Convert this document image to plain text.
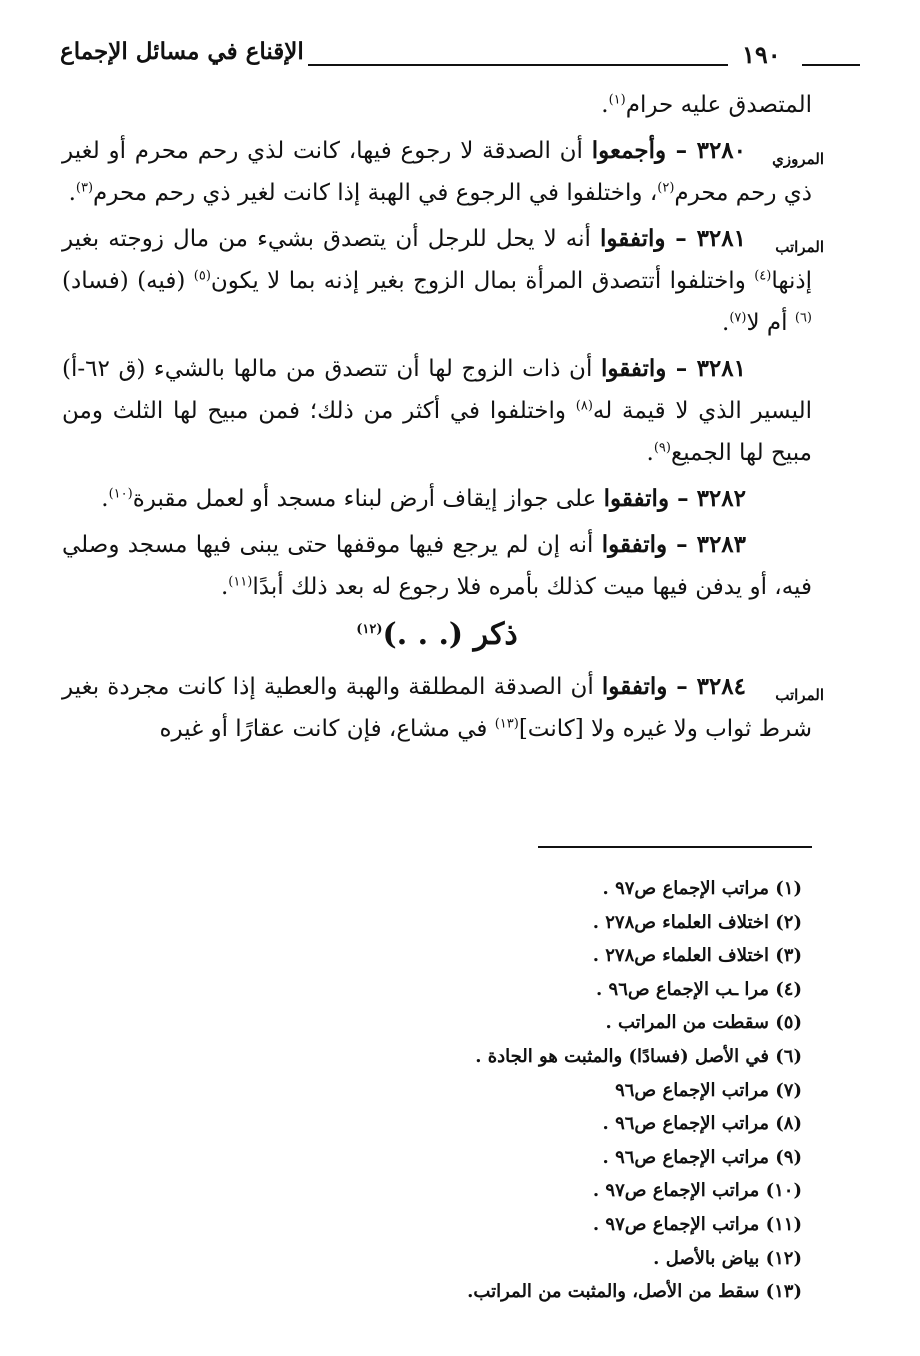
الإقناع في مسائل الإجماع	١٩٠

المتصدق عليه حرام$^{(١)}$.

المروزي
٣٢٨٠ – وأجمعوا أن الصدقة لا رجوع فيها، كانت لذي رحم محرم أو لغير ذي رحم محرم$^{(٢)}$، واختلفوا في الرجوع في الهبة إذا كانت لغير ذي رحم محرم$^{(٣)}$.

المراتب
٣٢٨١ – واتفقوا أنه لا يحل للرجل أن يتصدق بشيء من مال زوجته بغير إذنها$^{(٤)}$ واختلفوا أتتصدق المرأة بمال الزوج بغير إذنه بما لا يكون$^{(٥)}$ (فيه) (فساد)$^{(٦)}$ أم لا$^{(٧)}$.

٣٢٨١ – واتفقوا أن ذات الزوج لها أن تتصدق من مالها بالشيء (ق ٦٢-أ) اليسير الذي لا قيمة له$^{(٨)}$ واختلفوا في أكثر من ذلك؛ فمن مبيح لها الثلث ومن مبيح لها الجميع$^{(٩)}$.

٣٢٨٢ – واتفقوا على جواز إيقاف أرض لبناء مسجد أو لعمل مقبرة$^{(١٠)}$.

٣٢٨٣ – واتفقوا أنه إن لم يرجع فيها موقفها حتى يبنى فيها مسجد وصلي فيه، أو يدفن فيها ميت كذلك بأمره فلا رجوع له بعد ذلك أبدًا$^{(١١)}$.

ذكر (. . .)$^{(١٢)}$

المراتب
٣٢٨٤ – واتفقوا أن الصدقة المطلقة والهبة والعطية إذا كانت مجردة بغير شرط ثواب ولا غيره ولا [كانت]$^{(١٣)}$ في مشاع، فإن كانت عقارًا أو غيره

(١) مراتب الإجماع ص٩٧ .
(٢) اختلاف العلماء ص٢٧٨ .
(٣) اختلاف العلماء ص٢٧٨ .
(٤) مرا ـب الإجماع ص٩٦ .
(٥) سقطت من المراتب .
(٦) في الأصل (فسادًا) والمثبت هو الجادة .
(٧) مراتب الإجماع ص٩٦
(٨) مراتب الإجماع ص٩٦ .
(٩) مراتب الإجماع ص٩٦ .
(١٠) مراتب الإجماع ص٩٧ .
(١١) مراتب الإجماع ص٩٧ .
(١٢) بياض بالأصل .
(١٣) سقط من الأصل، والمثبت من المراتب.
